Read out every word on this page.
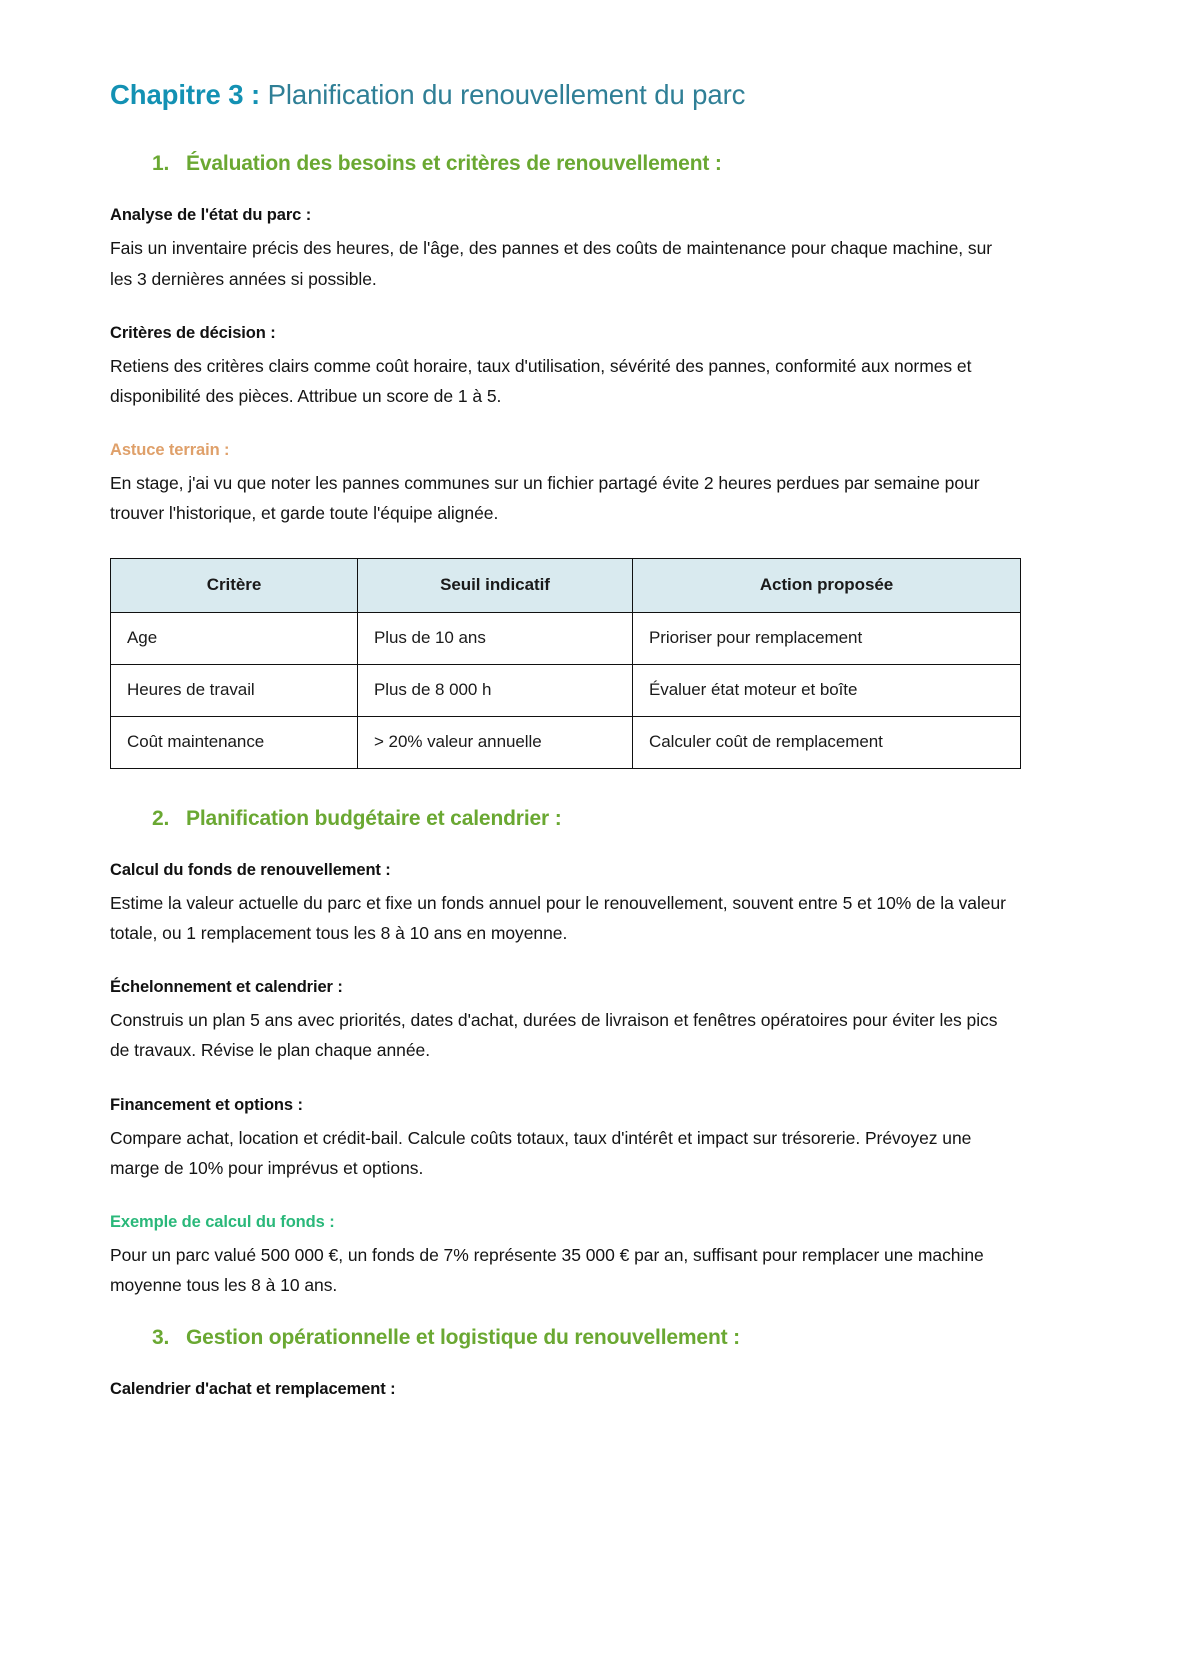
Chapitre 3 : Planification du renouvellement du parc
1. Évaluation des besoins et critères de renouvellement :

Analyse de l'état du parc :

Fais un inventaire précis des heures, de l'âge, des pannes et des coûts de maintenance pour chaque machine, sur les 3 dernières années si possible.

Critères de décision :

Retiens des critères clairs comme coût horaire, taux d'utilisation, sévérité des pannes, conformité aux normes et disponibilité des pièces. Attribue un score de 1 à 5.

Astuce terrain :

En stage, j'ai vu que noter les pannes communes sur un fichier partagé évite 2 heures perdues par semaine pour trouver l'historique, et garde toute l'équipe alignée.

Critère	Seuil indicatif	Action proposée
Age	Plus de 10 ans	Prioriser pour remplacement
Heures de travail	Plus de 8 000 h	Évaluer état moteur et boîte
Coût maintenance	> 20% valeur annuelle	Calculer coût de remplacement
2. Planification budgétaire et calendrier :

Calcul du fonds de renouvellement :

Estime la valeur actuelle du parc et fixe un fonds annuel pour le renouvellement, souvent entre 5 et 10% de la valeur totale, ou 1 remplacement tous les 8 à 10 ans en moyenne.

Échelonnement et calendrier :

Construis un plan 5 ans avec priorités, dates d'achat, durées de livraison et fenêtres opératoires pour éviter les pics de travaux. Révise le plan chaque année.

Financement et options :

Compare achat, location et crédit-bail. Calcule coûts totaux, taux d'intérêt et impact sur trésorerie. Prévoyez une marge de 10% pour imprévus et options.

Exemple de calcul du fonds :

Pour un parc valué 500 000 €, un fonds de 7% représente 35 000 € par an, suffisant pour remplacer une machine moyenne tous les 8 à 10 ans.

3. Gestion opérationnelle et logistique du renouvellement :

Calendrier d'achat et remplacement :
